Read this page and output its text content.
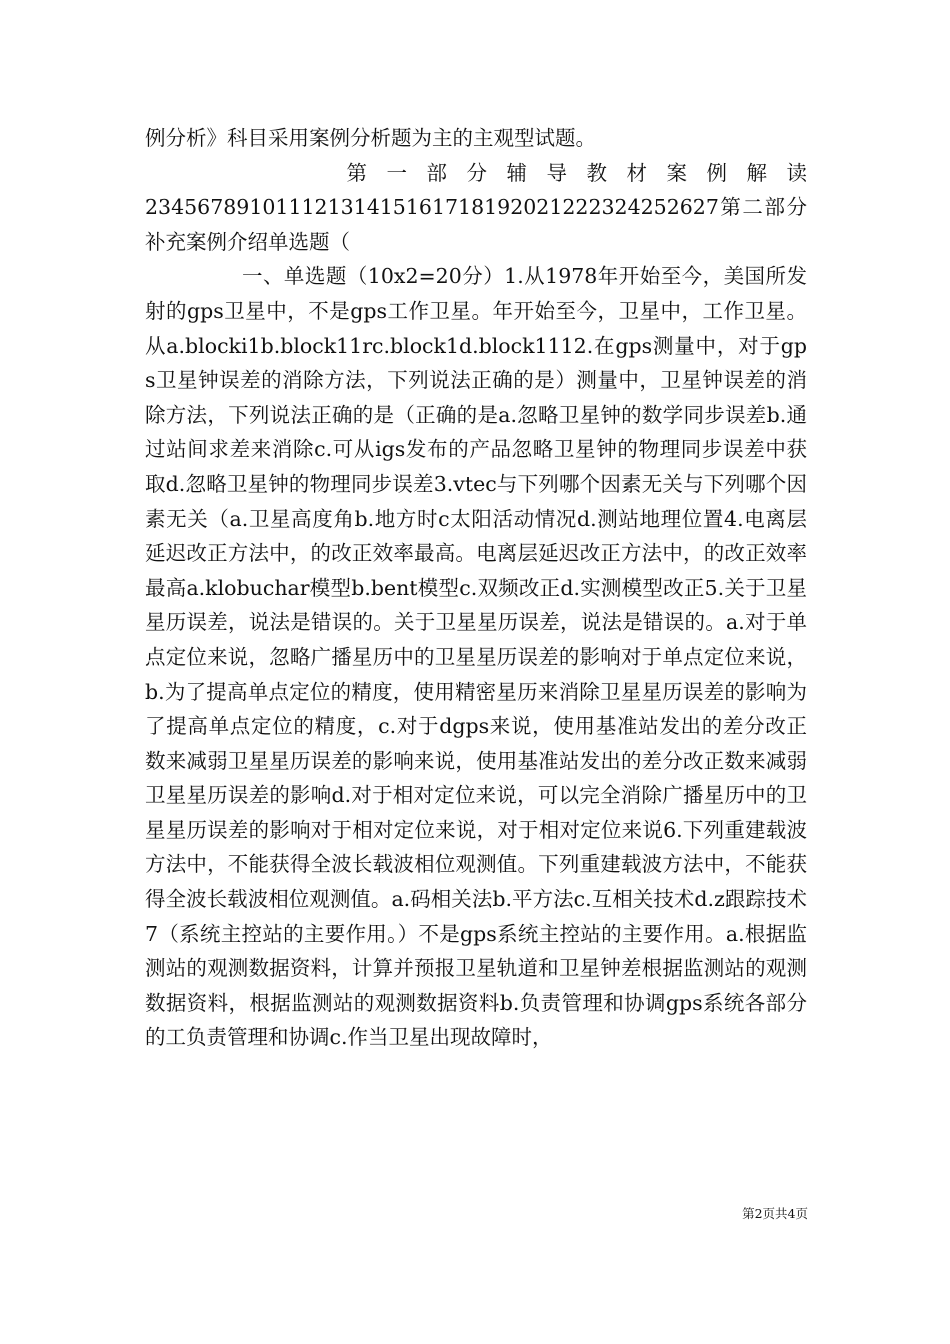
例分析》科目采用案例分析题为主的主观型试题。

第一部分辅导教材案例解读

2345678910111213141516171819202122232425262​7第二部分补充案例介绍单选题（

一、单选题（10x2=20分）1.从1978年开始至今，美国所发射的gps卫星中，不是gps工作卫星。年开始至今，卫星中，工作卫星。从a.blocki1b.block11rc.block1d.block1112.在gps测量中，对于gps卫星钟误差的消除方法，下列说法正确的是）测量中，卫星钟误差的消除方法，下列说法正确的是（正确的是a.忽略卫星钟的数学同步误差b.通过站间求差来消除c.可从igs发布的产品忽略卫星钟的物理同步误差中获取d.忽略卫星钟的物理同步误差3.vtec与下列哪个因素无关与下列哪个因素无关（a.卫星高度角b.地方时c太阳活动情况d.测站地理位置4.电离层延迟改正方法中，的改正效率最高。电离层延迟改正方法中，的改正效率最高a.klobuchar模型b.bent模型c.双频改正d.实测模型改正5.关于卫星星历误差，说法是错误的。关于卫星星历误差，说法是错误的。a.对于单点定位来说，忽略广播星历中的卫星星历误差的影响对于单点定位来说，b.为了提高单点定位的精度，使用精密星历来消除卫星星历误差的影响为了提高单点定位的精度，c.对于dgps来说，使用基准站发出的差分改正数来减弱卫星星历误差的影响来说，使用基准站发出的差分改正数来减弱卫星星历误差的影响d.对于相对定位来说，可以完全消除广播星历中的卫星星历误差的影响对于相对定位来说，对于相对定位来说6.下列重建载波方法中，不能获得全波长载波相位观测值。下列重建载波方法中，不能获得全波长载波相位观测值。a.码相关法b.平方法c.互相关技术d.z跟踪技术7（系统主控站的主要作用。）不是gps系统主控站的主要作用。a.根据监测站的观测数据资料，计算并预报卫星轨道和卫星钟差根据监测站的观测数据资料，根据监测站的观测数据资料b.负责管理和协调gps系统各部分的工负责管理和协调c.作当卫星出现故障时，

第2页共4页
